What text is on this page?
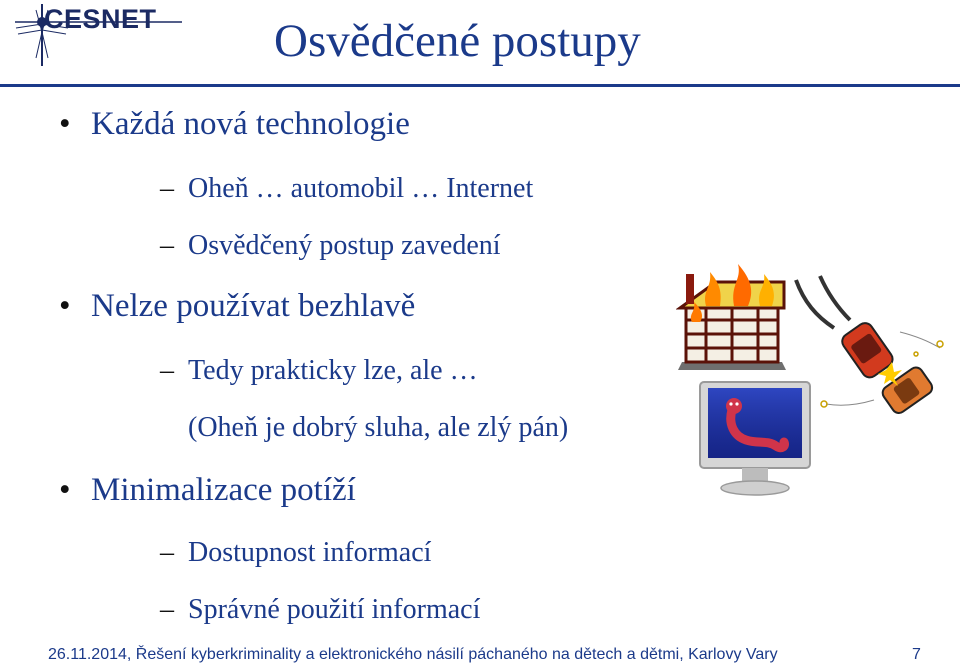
CESNET Osvědčené postupy
• Každá nová technologie
– Oheň … automobil … Internet
– Osvědčený postup zavedení
• Nelze používat bezhlavě
– Tedy prakticky lze, ale …
(Oheň je dobrý sluha, ale zlý pán)
• Minimalizace potíží
– Dostupnost informací
– Správné použití informací
26.11.2014, Řešení kyberkriminality a elektronického násilí páchaného na dětech a dětmi, Karlovy Vary	7
